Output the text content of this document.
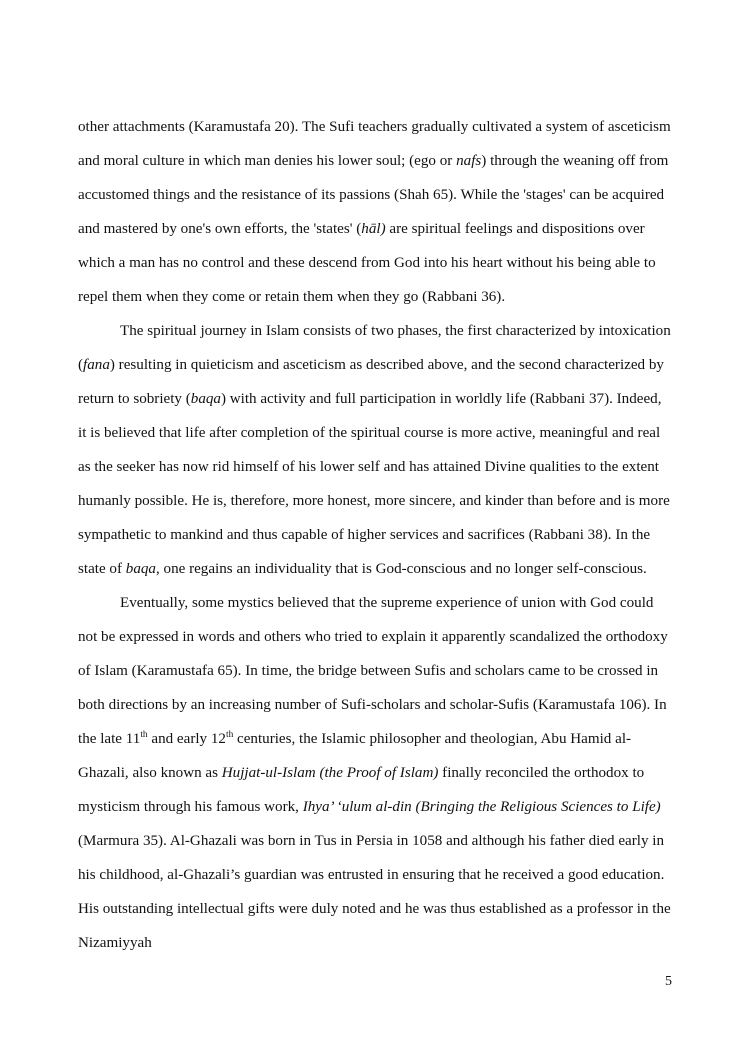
other attachments (Karamustafa 20). The Sufi teachers gradually cultivated a system of asceticism and moral culture in which man denies his lower soul; (ego or nafs) through the weaning off from accustomed things and the resistance of its passions (Shah 65). While the 'stages' can be acquired and mastered by one's own efforts, the 'states' (hāl) are spiritual feelings and dispositions over which a man has no control and these descend from God into his heart without his being able to repel them when they come or retain them when they go (Rabbani 36).

The spiritual journey in Islam consists of two phases, the first characterized by intoxication (fana) resulting in quieticism and asceticism as described above, and the second characterized by return to sobriety (baqa) with activity and full participation in worldly life (Rabbani 37). Indeed, it is believed that life after completion of the spiritual course is more active, meaningful and real as the seeker has now rid himself of his lower self and has attained Divine qualities to the extent humanly possible. He is, therefore, more honest, more sincere, and kinder than before and is more sympathetic to mankind and thus capable of higher services and sacrifices (Rabbani 38). In the state of baqa, one regains an individuality that is God-conscious and no longer self-conscious.

Eventually, some mystics believed that the supreme experience of union with God could not be expressed in words and others who tried to explain it apparently scandalized the orthodoxy of Islam (Karamustafa 65). In time, the bridge between Sufis and scholars came to be crossed in both directions by an increasing number of Sufi-scholars and scholar-Sufis (Karamustafa 106). In the late 11th and early 12th centuries, the Islamic philosopher and theologian, Abu Hamid al-Ghazali, also known as Hujjat-ul-Islam (the Proof of Islam) finally reconciled the orthodox to mysticism through his famous work, Ihya’ ‘ulum al-din (Bringing the Religious Sciences to Life) (Marmura 35). Al-Ghazali was born in Tus in Persia in 1058 and although his father died early in his childhood, al-Ghazali’s guardian was entrusted in ensuring that he received a good education. His outstanding intellectual gifts were duly noted and he was thus established as a professor in the Nizamiyyah

5
